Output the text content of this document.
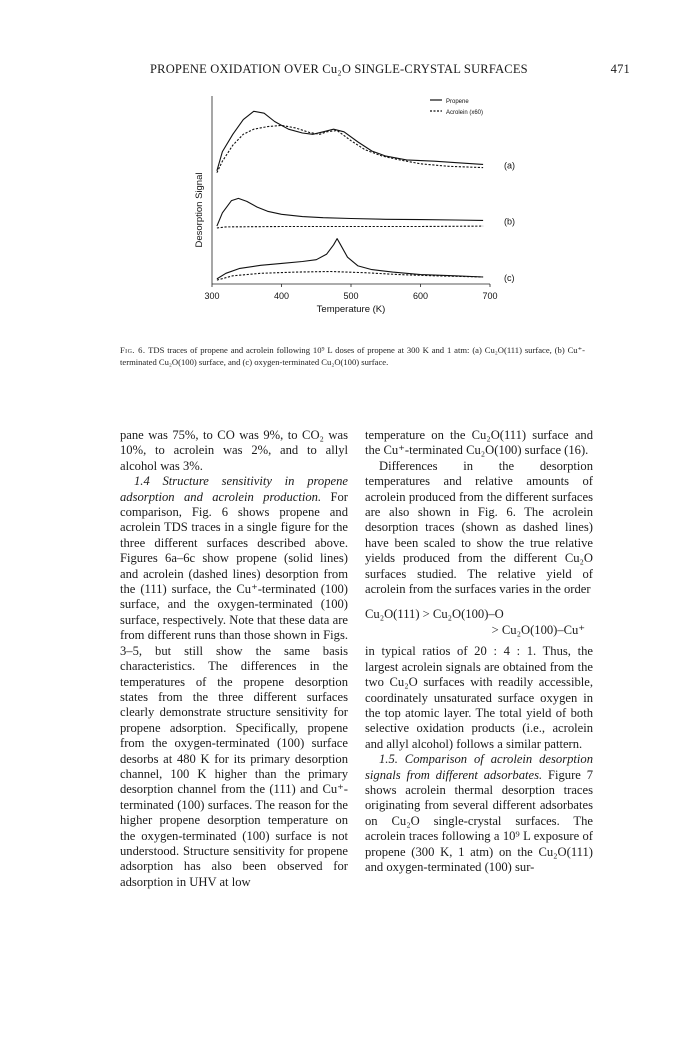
PROPENE OXIDATION OVER Cu₂O SINGLE-CRYSTAL SURFACES	471
300	400	500	600	700
Temperature (K)
Desorption Signal
Propene
Acrolein (x60)
(a)
(b)
(c)
Fig. 6. TDS traces of propene and acrolein following 10⁹ L doses of propene at 300 K and 1 atm: (a) Cu₂O(111) surface, (b) Cu⁺-terminated Cu₂O(100) surface, and (c) oxygen-terminated Cu₂O(100) surface.

pane was 75%, to CO was 9%, to CO₂ was 10%, to acrolein was 2%, and to allyl alcohol was 3%.

1.4 Structure sensitivity in propene adsorption and acrolein production. For comparison, Fig. 6 shows propene and acrolein TDS traces in a single figure for the three different surfaces described above. Figures 6a–6c show propene (solid lines) and acrolein (dashed lines) desorption from the (111) surface, the Cu⁺-terminated (100) surface, and the oxygen-terminated (100) surface, respectively. Note that these data are from different runs than those shown in Figs. 3–5, but still show the same basis characteristics. The differences in the temperatures of the propene desorption states from the three different surfaces clearly demonstrate structure sensitivity for propene adsorption. Specifically, propene from the oxygen-terminated (100) surface desorbs at 480 K for its primary desorption channel, 100 K higher than the primary desorption channel from the (111) and Cu⁺-terminated (100) surfaces. The reason for the higher propene desorption temperature on the oxygen-terminated (100) surface is not understood. Structure sensitivity for propene adsorption has also been observed for adsorption in UHV at low

temperature on the Cu₂O(111) surface and the Cu⁺-terminated Cu₂O(100) surface (16).

Differences in the desorption temperatures and relative amounts of acrolein produced from the different surfaces are also shown in Fig. 6. The acrolein desorption traces (shown as dashed lines) have been scaled to show the true relative yields produced from the different Cu₂O surfaces studied. The relative yield of acrolein from the surfaces varies in the order

Cu₂O(111) > Cu₂O(100)–O
> Cu₂O(100)–Cu⁺

in typical ratios of 20 : 4 : 1. Thus, the largest acrolein signals are obtained from the two Cu₂O surfaces with readily accessible, coordinately unsaturated surface oxygen in the top atomic layer. The total yield of both selective oxidation products (i.e., acrolein and allyl alcohol) follows a similar pattern.

1.5. Comparison of acrolein desorption signals from different adsorbates. Figure 7 shows acrolein thermal desorption traces originating from several different adsorbates on Cu₂O single-crystal surfaces. The acrolein traces following a 10⁹ L exposure of propene (300 K, 1 atm) on the Cu₂O(111) and oxygen-terminated (100) sur-
